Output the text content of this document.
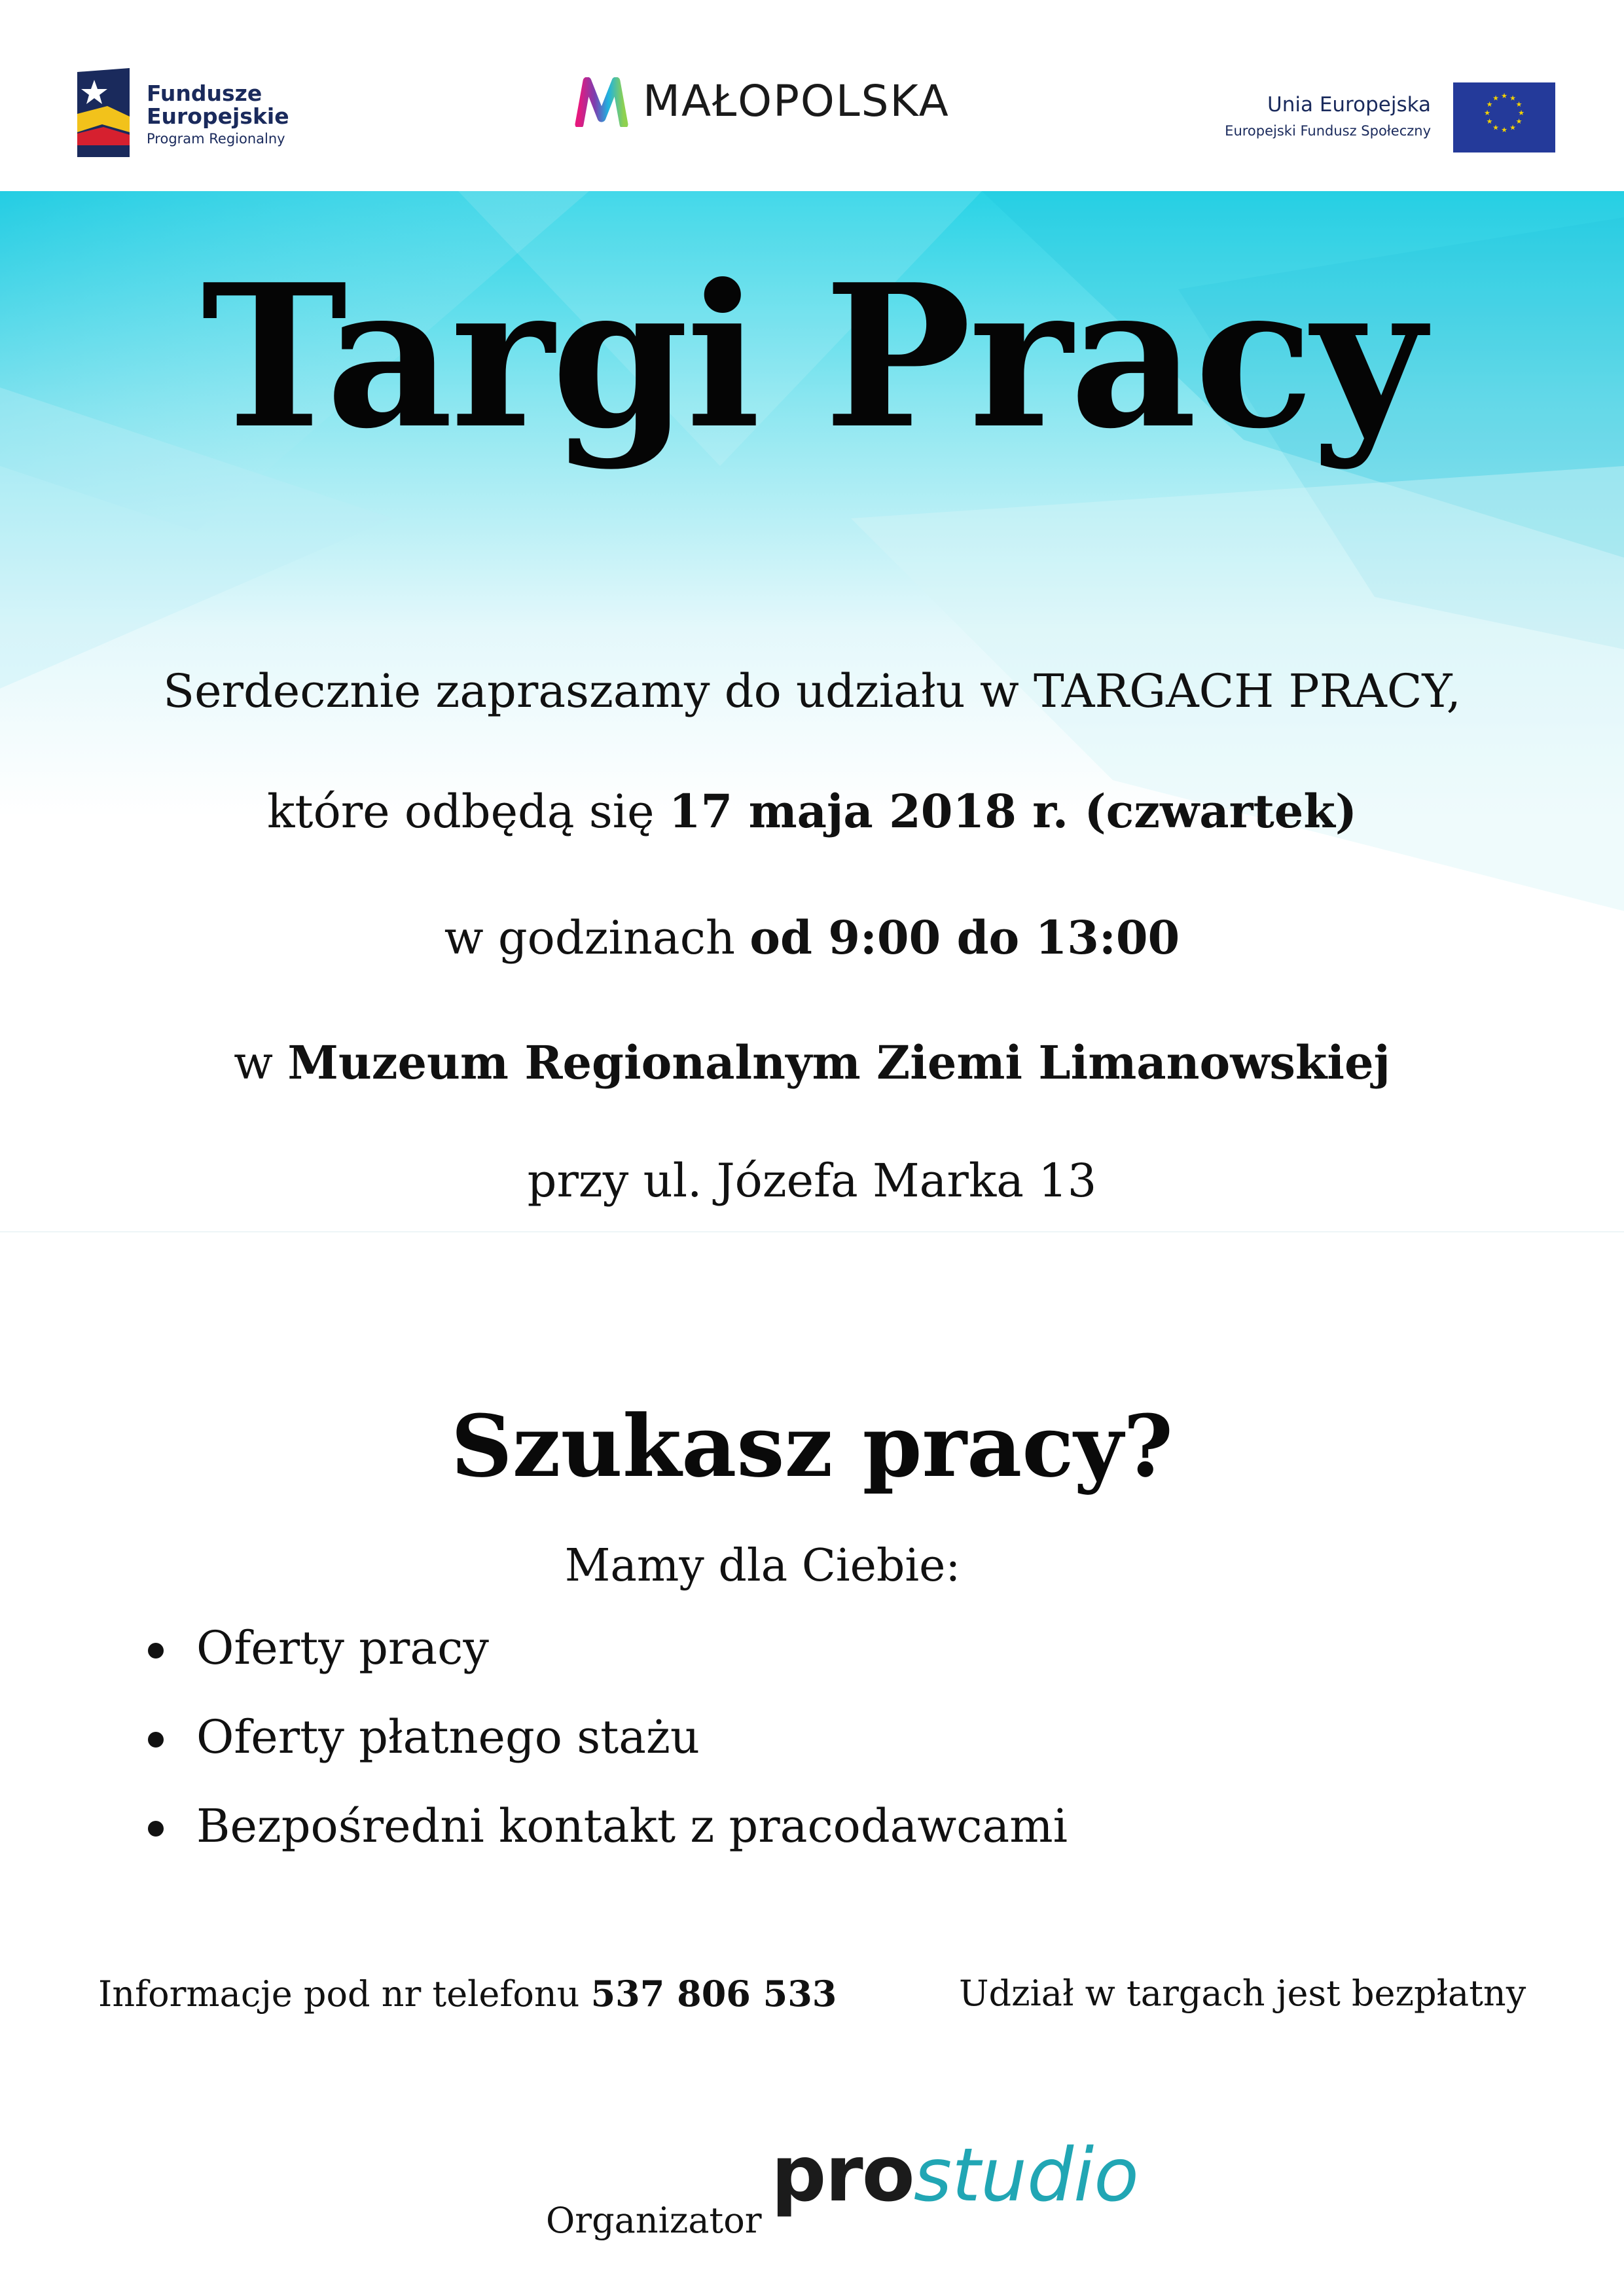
Fundusze
Europejskie
Program Regionalny
MAŁOPOLSKA	Unia Europejska
Europejski Fundusz Społeczny
★ ★
★
★
★
★
★
★
★
★
★
★
Targi Pracy
Serdecznie zapraszamy do udziału w TARGACH PRACY,
które odbędą się 17 maja 2018 r. (czwartek)
w godzinach od 9:00 do 13:00
w Muzeum Regionalnym Ziemi Limanowskiej
przy ul. Józefa Marka 13
Szukasz pracy?
Mamy dla Ciebie:
Oferty pracy
Oferty płatnego stażu
Bezpośredni kontakt z pracodawcami
Informacje pod nr telefonu 537 806 533	Udział w targach jest bezpłatny
Organizator
prostudio
